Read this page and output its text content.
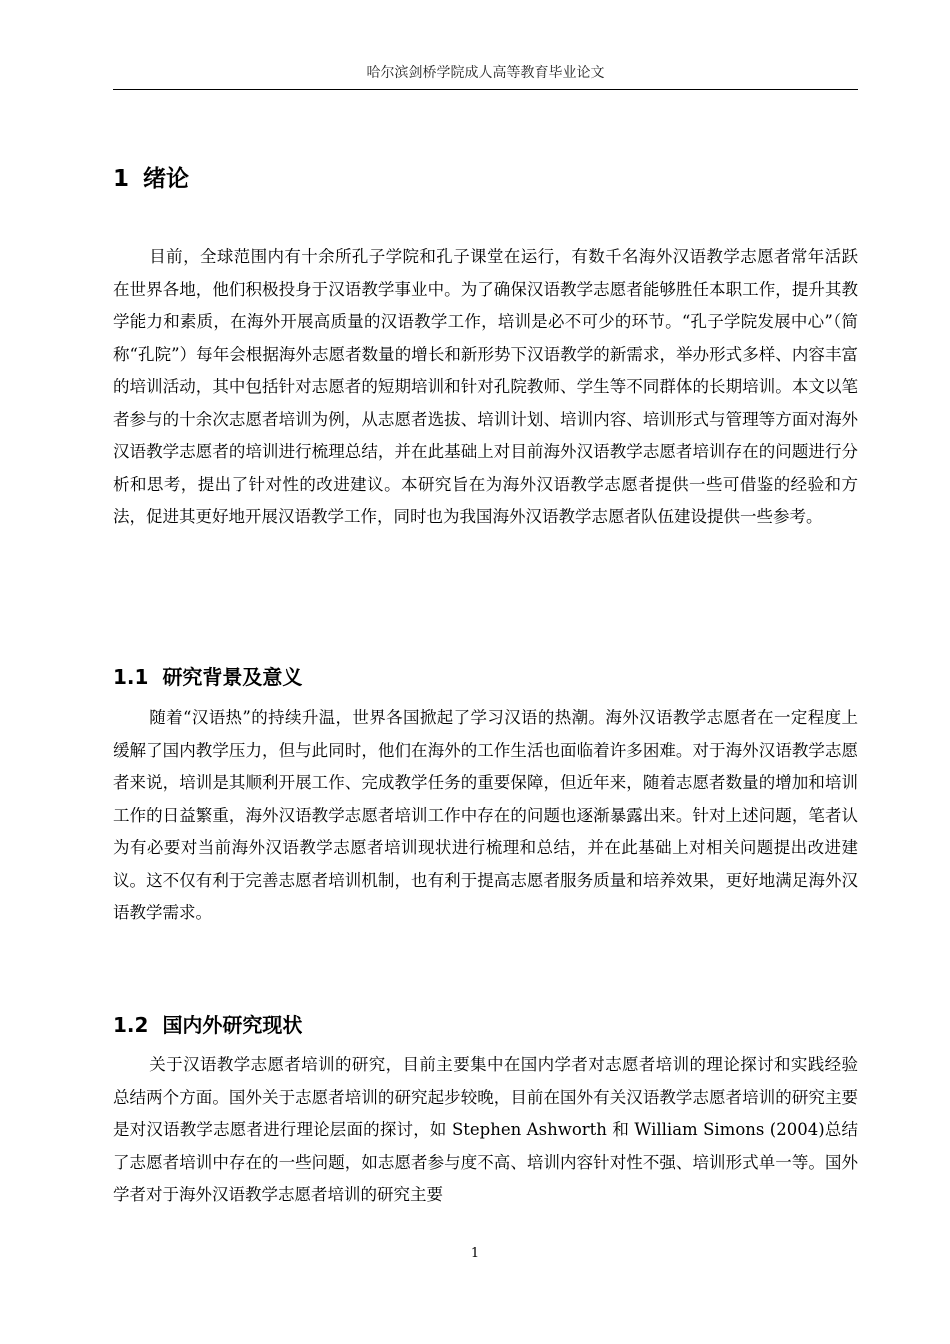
哈尔滨剑桥学院成人高等教育毕业论文
1 绪论

目前，全球范围内有十余所孔子学院和孔子课堂在运行，有数千名海外汉语教学志愿者常年活跃在世界各地，他们积极投身于汉语教学事业中。为了确保汉语教学志愿者能够胜任本职工作，提升其教学能力和素质，在海外开展高质量的汉语教学工作，培训是必不可少的环节。“孔子学院发展中心”（简称“孔院”）每年会根据海外志愿者数量的增长和新形势下汉语教学的新需求，举办形式多样、内容丰富的培训活动，其中包括针对志愿者的短期培训和针对孔院教师、学生等不同群体的长期培训。本文以笔者参与的十余次志愿者培训为例，从志愿者选拔、培训计划、培训内容、培训形式与管理等方面对海外汉语教学志愿者的培训进行梳理总结，并在此基础上对目前海外汉语教学志愿者培训存在的问题进行分析和思考，提出了针对性的改进建议。本研究旨在为海外汉语教学志愿者提供一些可借鉴的经验和方法，促进其更好地开展汉语教学工作，同时也为我国海外汉语教学志愿者队伍建设提供一些参考。

1.1 研究背景及意义

随着“汉语热”的持续升温，世界各国掀起了学习汉语的热潮。海外汉语教学志愿者在一定程度上缓解了国内教学压力，但与此同时，他们在海外的工作生活也面临着许多困难。对于海外汉语教学志愿者来说，培训是其顺利开展工作、完成教学任务的重要保障，但近年来，随着志愿者数量的增加和培训工作的日益繁重，海外汉语教学志愿者培训工作中存在的问题也逐渐暴露出来。针对上述问题，笔者认为有必要对当前海外汉语教学志愿者培训现状进行梳理和总结，并在此基础上对相关问题提出改进建议。这不仅有利于完善志愿者培训机制，也有利于提高志愿者服务质量和培养效果，更好地满足海外汉语教学需求。

1.2 国内外研究现状

关于汉语教学志愿者培训的研究，目前主要集中在国内学者对志愿者培训的理论探讨和实践经验总结两个方面。国外关于志愿者培训的研究起步较晚，目前在国外有关汉语教学志愿者培训的研究主要是对汉语教学志愿者进行理论层面的探讨，如 Stephen Ashworth 和 William Simons (2004)总结了志愿者培训中存在的一些问题，如志愿者参与度不高、培训内容针对性不强、培训形式单一等。国外学者对于海外汉语教学志愿者培训的研究主要

1
